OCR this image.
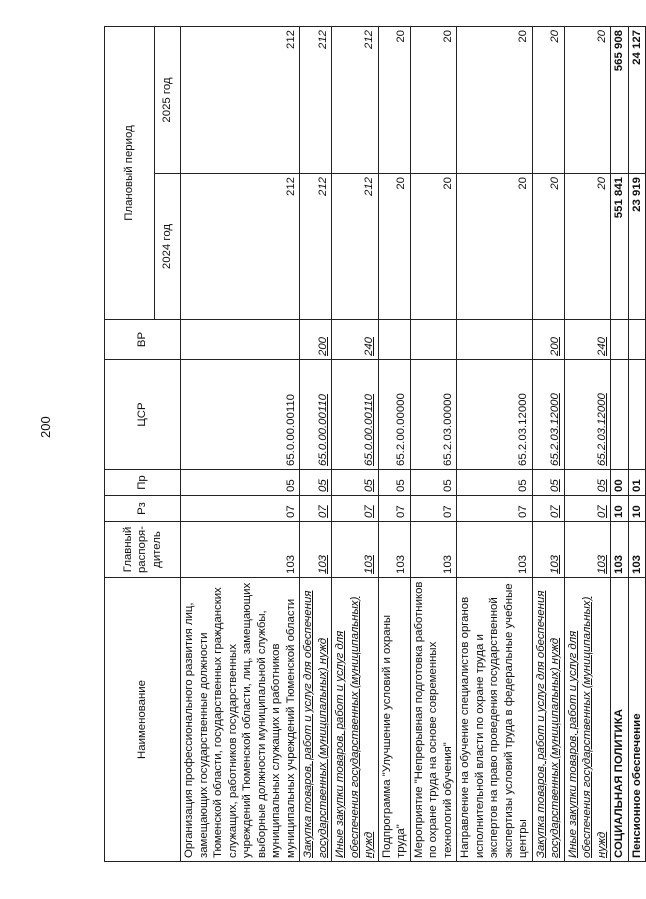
200
Наименование	Главный распоря-дитель	Рз	Пр	ЦСР	ВР	Плановый период	
						2024 год	2025 год
Организация профессионального развития лиц, замещающих государственные должности Тюменской области, государственных гражданских служащих, работников государственных учреждений Тюменской области, лиц, замещающих выборные должности муниципальной службы, муниципальных служащих и работников муниципальных учреждений Тюменской области	103	07	05	65.0.00.00110		212	212
Закупка товаров, работ и услуг для обеспечения государственных (муниципальных) нужд	103	07	05	65.0.00.00110	200	212	212
Иные закупки товаров, работ и услуг для обеспечения государственных (муниципальных) нужд	103	07	05	65.0.00.00110	240	212	212
Подпрограмма "Улучшение условий и охраны труда"	103	07	05	65.2.00.00000		20	20
Мероприятие "Непрерывная подготовка работников по охране труда на основе современных технологий обучения"	103	07	05	65.2.03.00000		20	20
Направление на обучение специалистов органов исполнительной власти по охране труда и экспертов на право проведения государственной экспертизы условий труда в федеральные учебные центры	103	07	05	65.2.03.12000		20	20
Закупка товаров, работ и услуг для обеспечения государственных (муниципальных) нужд	103	07	05	65.2.03.12000	200	20	20
Иные закупки товаров, работ и услуг для обеспечения государственных (муниципальных) нужд	103	07	05	65.2.03.12000	240	20	20
СОЦИАЛЬНАЯ ПОЛИТИКА	103	10	00			551 841	565 908
Пенсионное обеспечение	103	10	01			23 919	24 127
